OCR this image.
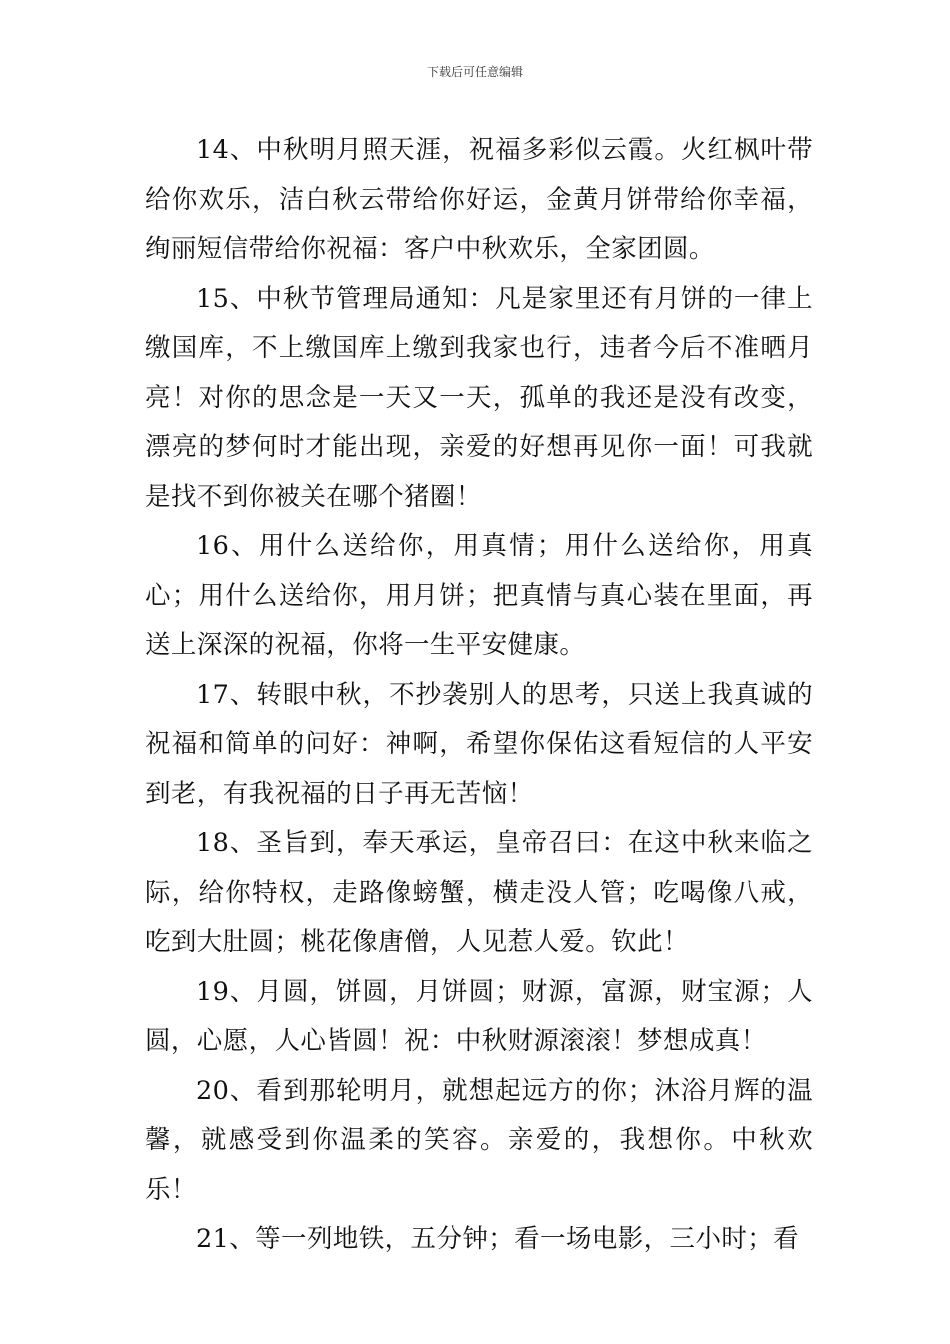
下载后可任意编辑

14、中秋明月照天涯，祝福多彩似云霞。火红枫叶带给你欢乐，洁白秋云带给你好运，金黄月饼带给你幸福，绚丽短信带给你祝福：客户中秋欢乐，全家团圆。

15、中秋节管理局通知：凡是家里还有月饼的一律上缴国库，不上缴国库上缴到我家也行，违者今后不准晒月亮！对你的思念是一天又一天，孤单的我还是没有改变，漂亮的梦何时才能出现，亲爱的好想再见你一面！可我就是找不到你被关在哪个猪圈！

16、用什么送给你，用真情；用什么送给你，用真心；用什么送给你，用月饼；把真情与真心装在里面，再送上深深的祝福，你将一生平安健康。

17、转眼中秋，不抄袭别人的思考，只送上我真诚的祝福和简单的问好：神啊，希望你保佑这看短信的人平安到老，有我祝福的日子再无苦恼！

18、圣旨到，奉天承运，皇帝召曰：在这中秋来临之际，给你特权，走路像螃蟹，横走没人管；吃喝像八戒，吃到大肚圆；桃花像唐僧，人见惹人爱。钦此！

19、月圆，饼圆，月饼圆；财源，富源，财宝源；人圆，心愿，人心皆圆！祝：中秋财源滚滚！梦想成真！

20、看到那轮明月，就想起远方的你；沐浴月辉的温馨，就感受到你温柔的笑容。亲爱的，我想你。中秋欢乐！

21、等一列地铁，五分钟；看一场电影，三小时；看
